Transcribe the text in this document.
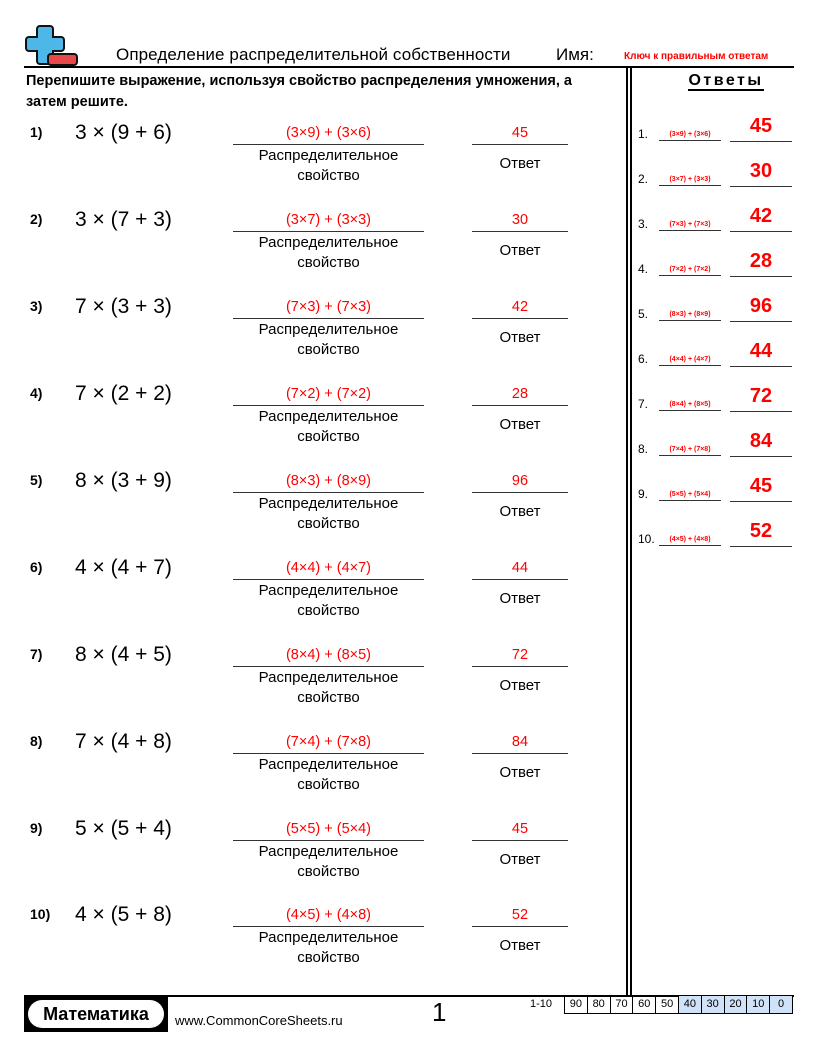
Определение распределительной собственности	Имя:	Ключ к правильным ответам
Перепишите выражение, используя свойство распределения умножения, а затем решите.
1) 3 × (9 + 6)	(3×9) + (3×6)
Распределительное свойство
45
Ответ
2) 3 × (7 + 3)	(3×7) + (3×3)
Распределительное свойство
30
Ответ
3) 7 × (3 + 3)	(7×3) + (7×3)
Распределительное свойство
42
Ответ
4) 7 × (2 + 2)	(7×2) + (7×2)
Распределительное свойство
28
Ответ
5) 8 × (3 + 9)	(8×3) + (8×9)
Распределительное свойство
96
Ответ
6) 4 × (4 + 7)	(4×4) + (4×7)
Распределительное свойство
44
Ответ
7) 8 × (4 + 5)	(8×4) + (8×5)
Распределительное свойство
72
Ответ
8) 7 × (4 + 8)	(7×4) + (7×8)
Распределительное свойство
84
Ответ
9) 5 × (5 + 4)	(5×5) + (5×4)
Распределительное свойство
45
Ответ
10) 4 × (5 + 8)	(4×5) + (4×8)
Распределительное свойство
52
Ответ
Ответы
1.	(3×9) + (3×6)	45
2.	(3×7) + (3×3)	30
3.	(7×3) + (7×3)	42
4.	(7×2) + (7×2)	28
5.	(8×3) + (8×9)	96
6.	(4×4) + (4×7)	44
7.	(8×4) + (8×5)	72
8.	(7×4) + (7×8)	84
9.	(5×5) + (5×4)	45
10.	(4×5) + (4×8)	52
Математика	www.CommonCoreSheets.ru	1	1-10	90 80 70 60 50 40 30 20 10	0
